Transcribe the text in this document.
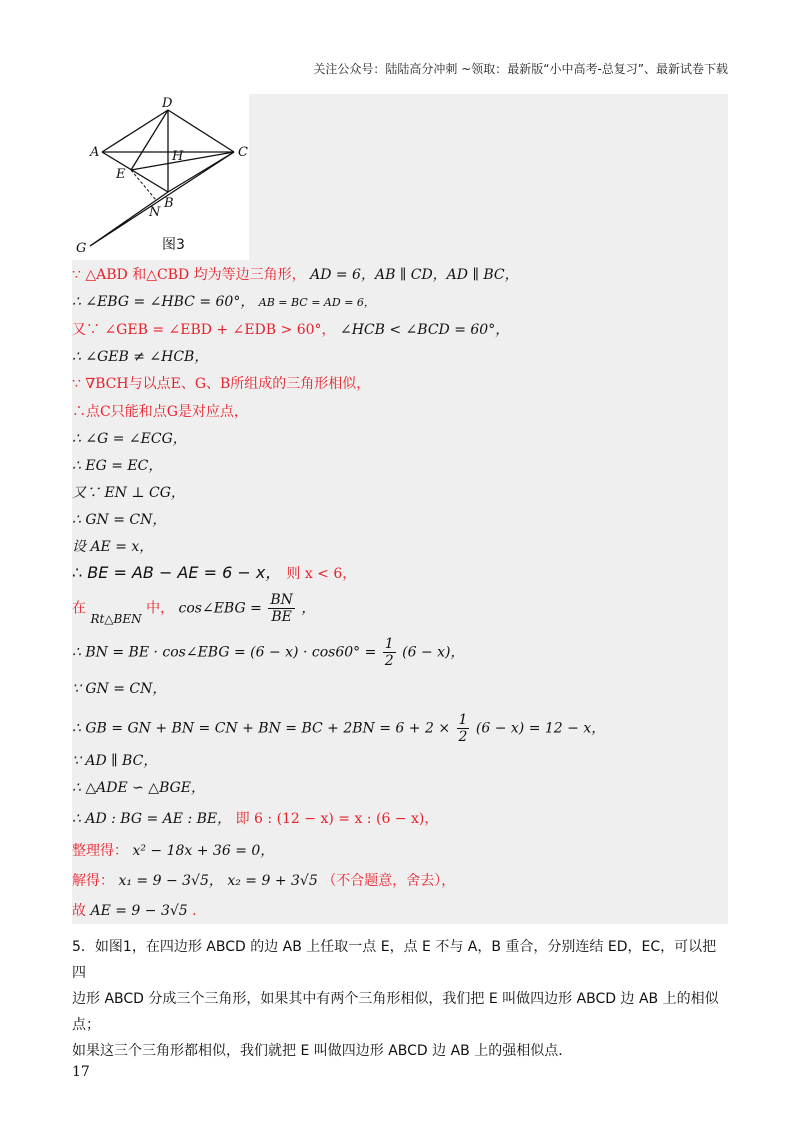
关注公众号：陆陆高分冲刺 ~领取：最新版“小中高考-总复习”、最新试卷下载
D
A	C
H
E
B
N
G	图3
∵ △ABD 和△CBD 均为等边三角形， AD = 6，AB ∥ CD，AD ∥ BC，
∴ ∠EBG = ∠HBC = 60°， AB = BC = AD = 6，
又∵ ∠GEB = ∠EBD + ∠EDB > 60°， ∠HCB < ∠BCD = 60°，
∴ ∠GEB ≠ ∠HCB，
∵ ∇BCH与以点E、G、B所组成的三角形相似，
∴点C只能和点G是对应点，
∴ ∠G = ∠ECG，
∴ EG = EC，
又∵ EN ⊥ CG，
∴ GN = CN，
设 AE = x，
∴ BE = AB − AE = 6 − x， 则 x < 6，
在 Rt△BEN 中， cos∠EBG = $\frac{BN}{BE}$ ，
∴ BN = BE · cos∠EBG = $(6 - x) \cdot \cos 60^\circ = \frac{1}{2} (6 - x)$，
∵ GN = CN，
∴ GB = GN + BN = CN + BN = BC + $2BN = 6 + 2 \times \frac{1}{2} (6 - x) = 12 - x$，
∵ AD ∥ BC，
∴ △ADE ∽ △BGE，
∴ AD : BG = AE : BE， 即 6 : (12 − x) = x : (6 − x)，
整理得： x² − 18x + 36 = 0，
解得： x₁ = 9 − 3√5， x₂ = 9 + 3√5 （不合题意，舍去），
故 AE = 9 − 3√5 .
5．如图1，在四边形 ABCD 的边 AB 上任取一点 E，点 E 不与 A，B 重合，分别连结 ED，EC，可以把四
边形 ABCD 分成三个三角形，如果其中有两个三角形相似，我们把 E 叫做四边形 ABCD 边 AB 上的相似点；
如果这三个三角形都相似，我们就把 E 叫做四边形 ABCD 边 AB 上的强相似点.
17
